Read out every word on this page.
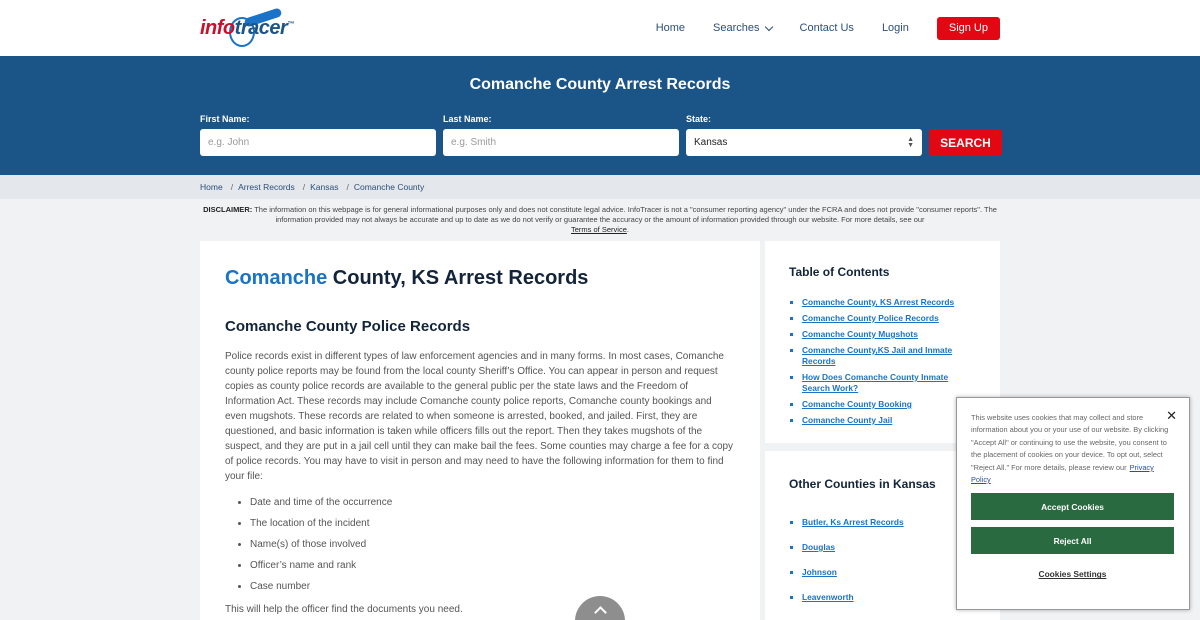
infotracer™	Home	Searches	Contact Us	Login	Sign Up
Comanche County Arrest Records
First Name:
e.g. John
Last Name:
e.g. Smith
State:
Kansas	▲
▼	SEARCH
Home / Arrest Records / Kansas / Comanche County
DISCLAIMER: The information on this webpage is for general informational purposes only and does not constitute legal advice. InfoTracer is not a "consumer reporting agency" under the FCRA and does not provide "consumer reports". The information provided may not always be accurate and up to date as we do not verify or guarantee the accuracy or the amount of information provided through our website. For more details, see our
Terms of Service.
Comanche County, KS Arrest Records
Comanche County Police Records

Police records exist in different types of law enforcement agencies and in many forms. In most cases, Comanche county police reports may be found from the local county Sheriff’s Office. You can appear in person and request copies as county police records are available to the general public per the state laws and the Freedom of Information Act. These records may include Comanche county police reports, Comanche county bookings and even mugshots. These records are related to when someone is arrested, booked, and jailed. First, they are questioned, and basic information is taken while officers fills out the report. Then they takes mugshots of the suspect, and they are put in a jail cell until they can make bail the fees. Some counties may charge a fee for a copy of police records. You may have to visit in person and may need to have the following information for them to find your file:

• Date and time of the occurrence
• The location of the incident
• Name(s) of those involved
• Officer’s name and rank
• Case number

This will help the officer find the documents you need.

Table of Contents
▪ Comanche County, KS Arrest Records
▪ Comanche County Police Records
▪ Comanche County Mugshots
▪ Comanche County,KS Jail and Inmate Records
▪ How Does Comanche County Inmate Search Work?
▪ Comanche County Booking
▪ Comanche County Jail
Other Counties in Kansas
▪ Butler, Ks Arrest Records
▪ Douglas
▪ Johnson
▪ Leavenworth
✕

This website uses cookies that may collect and store information about you or your use of our website. By clicking "Accept All" or continuing to use the website, you consent to the placement of cookies on your device. To opt out, select "Reject All." For more details, please review our Privacy Policy

Accept Cookies
Reject All
Cookies Settings
